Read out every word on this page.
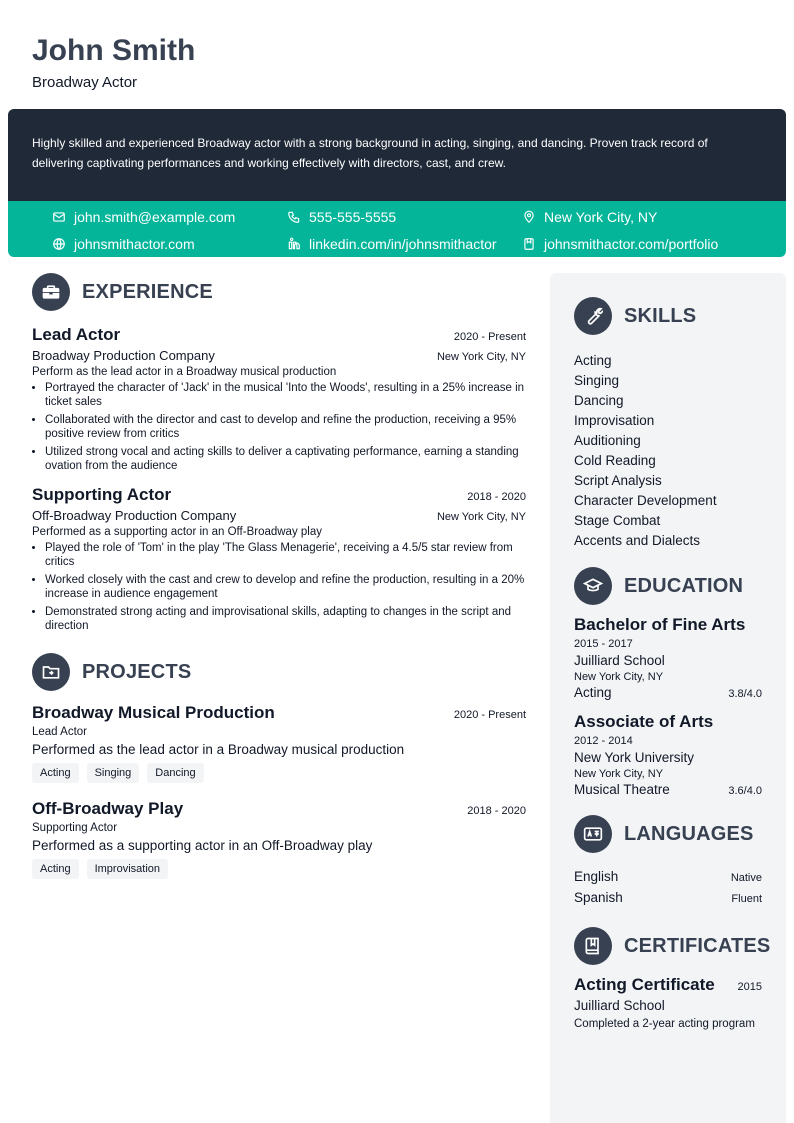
John Smith
Broadway Actor

Highly skilled and experienced Broadway actor with a strong background in acting, singing, and dancing. Proven track record of delivering captivating performances and working effectively with directors, cast, and crew.

john.smith@example.com	555-555-5555	New York City, NY
johnsmithactor.com	linkedin.com/in/johnsmithactor	johnsmithactor.com/portfolio
EXPERIENCE
Lead Actor	2020 - Present
Broadway Production Company	New York City, NY
Perform as the lead actor in a Broadway musical production
• Portrayed the character of 'Jack' in the musical 'Into the Woods', resulting in a 25% increase in ticket sales
• Collaborated with the director and cast to develop and refine the production, receiving a 95% positive review from critics
• Utilized strong vocal and acting skills to deliver a captivating performance, earning a standing ovation from the audience
Supporting Actor	2018 - 2020
Off-Broadway Production Company	New York City, NY
Performed as a supporting actor in an Off-Broadway play
• Played the role of 'Tom' in the play 'The Glass Menagerie', receiving a 4.5/5 star review from critics
• Worked closely with the cast and crew to develop and refine the production, resulting in a 20% increase in audience engagement
• Demonstrated strong acting and improvisational skills, adapting to changes in the script and direction
PROJECTS
Broadway Musical Production	2020 - Present
Lead Actor
Performed as the lead actor in a Broadway musical production
Acting	Singing	Dancing
Off-Broadway Play	2018 - 2020
Supporting Actor
Performed as a supporting actor in an Off-Broadway play
Acting	Improvisation
SKILLS
Acting
Singing
Dancing
Improvisation
Auditioning
Cold Reading
Script Analysis
Character Development
Stage Combat
Accents and Dialects
EDUCATION
Bachelor of Fine Arts
2015 - 2017
Juilliard School
New York City, NY
Acting	3.8/4.0
Associate of Arts
2012 - 2014
New York University
New York City, NY
Musical Theatre	3.6/4.0
LANGUAGES
English	Native
Spanish	Fluent
CERTIFICATES
Acting Certificate 2015
Juilliard School
Completed a 2-year acting program
